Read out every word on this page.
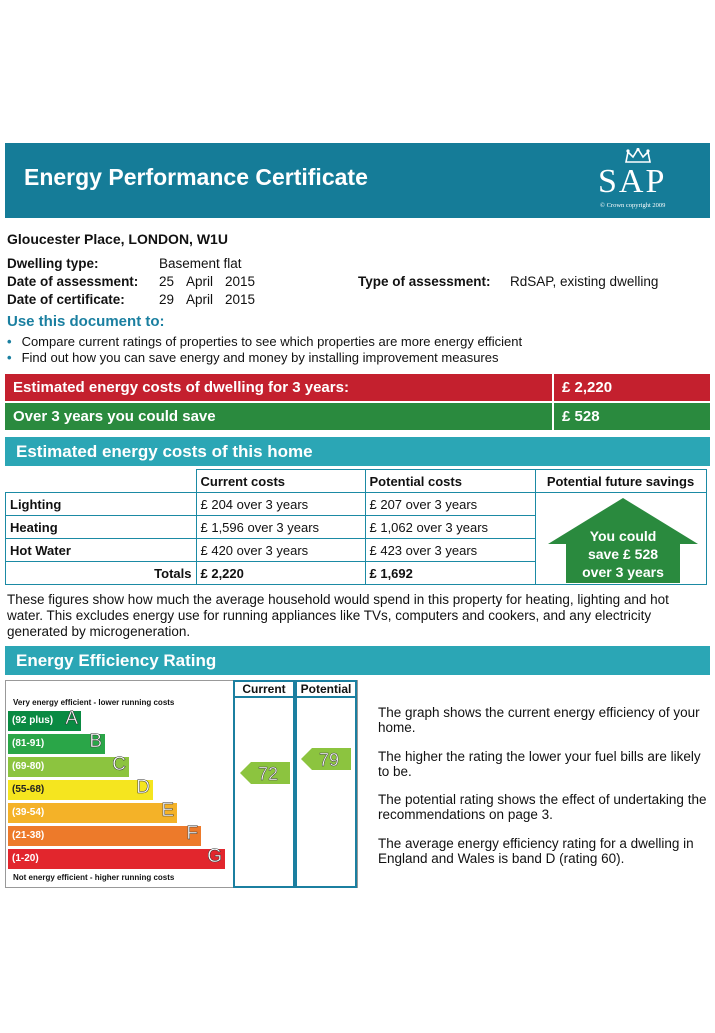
Energy Performance Certificate	SAP
© Crown copyright 2009
Gloucester Place, LONDON, W1U
Dwelling type:	Basement flat
Date of assessment: 25 April 2015
Date of certificate:	29 April 2015
Type of assessment: RdSAP, existing dwelling
Use this document to:
• Compare current ratings of properties to see which properties are more energy efficient
• Find out how you can save energy and money by installing improvement measures
Estimated energy costs of dwelling for 3 years:	£ 2,220
Over 3 years you could save	£ 528
Estimated energy costs of this home
	Current costs	Potential costs	Potential future savings
Lighting	£ 204 over 3 years	£ 207 over 3 years	
Heating	£ 1,596 over 3 years	£ 1,062 over 3 years	
Hot Water	£ 420 over 3 years	£ 423 over 3 years	
Totals	£ 2,220	£ 1,692	
You could
save £ 528
over 3 years
These figures show how much the average household would spend in this property for heating, lighting and hot water. This excludes energy use for running appliances like TVs, computers and cookers, and any electricity generated by microgeneration.
Energy Efficiency Rating
Current	Potential
Very energy efficient - lower running costs
Not energy efficient - higher running costs
(92 plus) A
(81-91) B
(69-80)	C
(55-68)	D
(39-54)	E
(21-38)	F
(1-20)	G
72
79
The graph shows the current energy efficiency of your home.
The higher the rating the lower your fuel bills are likely to be.
The potential rating shows the effect of undertaking the recommendations on page 3.
The average energy efficiency rating for a dwelling in England and Wales is band D (rating 60).
